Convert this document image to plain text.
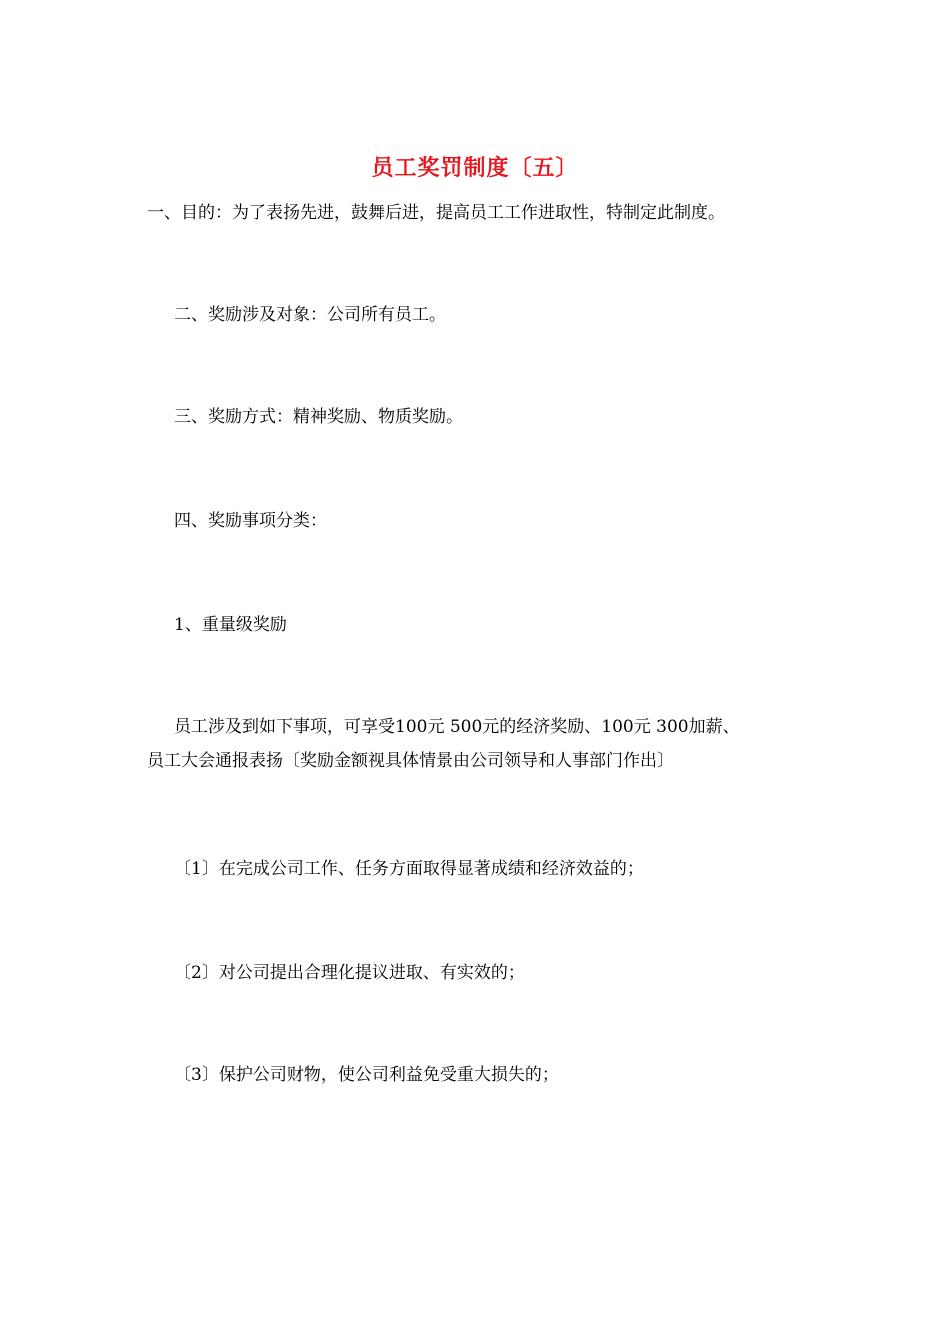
员工奖罚制度〔五〕
一、目的：为了表扬先进，鼓舞后进，提高员工工作进取性，特制定此制度。
二、奖励涉及对象：公司所有员工。
三、奖励方式：精神奖励、物质奖励。
四、奖励事项分类：
1、重量级奖励
员工涉及到如下事项，可享受100元 500元的经济奖励、100元 300加薪、
员工大会通报表扬〔奖励金额视具体情景由公司领导和人事部门作出〕
〔1〕在完成公司工作、任务方面取得显著成绩和经济效益的；
〔2〕对公司提出合理化提议进取、有实效的；
〔3〕保护公司财物，使公司利益免受重大损失的；
